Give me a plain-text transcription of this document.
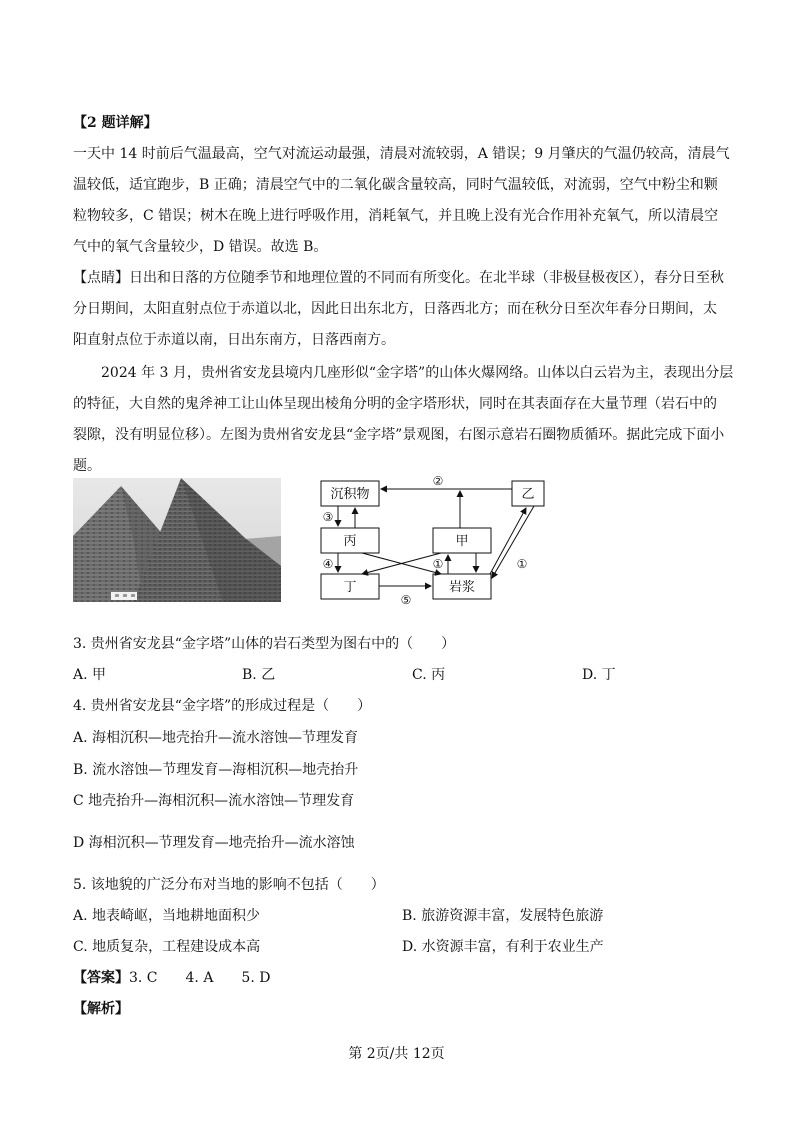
【2 题详解】
一天中 14 时前后气温最高，空气对流运动最强，清晨对流较弱，A 错误；9 月肇庆的气温仍较高，清晨气
温较低，适宜跑步，B 正确；清晨空气中的二氧化碳含量较高，同时气温较低，对流弱，空气中粉尘和颗
粒物较多，C 错误；树木在晚上进行呼吸作用，消耗氧气，并且晚上没有光合作用补充氧气，所以清晨空
气中的氧气含量较少，D 错误。故选 B。
【点睛】日出和日落的方位随季节和地理位置的不同而有所变化。在北半球（非极昼极夜区），春分日至秋
分日期间，太阳直射点位于赤道以北，因此日出东北方，日落西北方；而在秋分日至次年春分日期间，太
阳直射点位于赤道以南，日出东南方，日落西南方。
2024 年 3 月，贵州省安龙县境内几座形似“金字塔”的山体火爆网络。山体以白云岩为主，表现出分层
的特征，大自然的鬼斧神工让山体呈现出棱角分明的金字塔形状，同时在其表面存在大量节理（岩石中的
裂隙，没有明显位移）。左图为贵州省安龙县“金字塔”景观图，右图示意岩石圈物质循环。据此完成下面小
题。
沉积物	乙
丙	甲
丁	岩浆
②
③
④	①	①
⑤
3. 贵州省安龙县“金字塔”山体的岩石类型为图右中的（　　）
A. 甲	B. 乙	C. 丙	D. 丁
4. 贵州省安龙县“金字塔”的形成过程是（　　）
A. 海相沉积—地壳抬升—流水溶蚀—节理发育
B. 流水溶蚀—节理发育—海相沉积—地壳抬升
C 地壳抬升—海相沉积—流水溶蚀—节理发育
D 海相沉积—节理发育—地壳抬升—流水溶蚀
5. 该地貌的广泛分布对当地的影响不包括（　　）
A. 地表崎岖，当地耕地面积少	B. 旅游资源丰富，发展特色旅游
C. 地质复杂，工程建设成本高	D. 水资源丰富，有利于农业生产
【答案】3. C　　4. A　　5. D
【解析】
第 2页/共 12页
